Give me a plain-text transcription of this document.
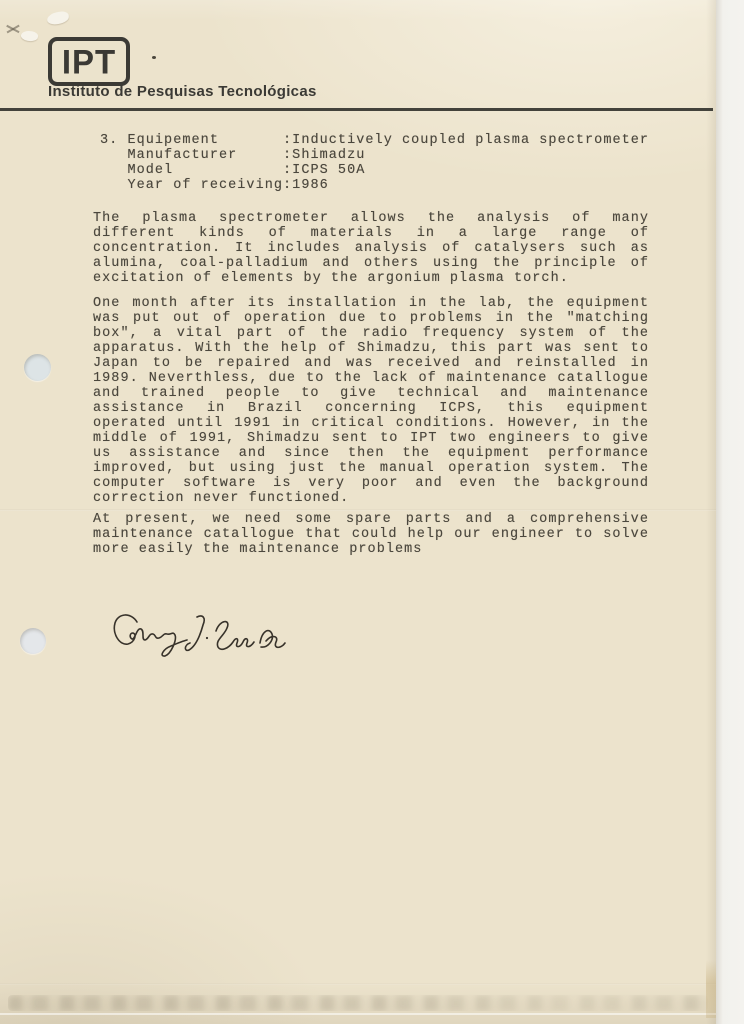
IPT
Instituto de Pesquisas Tecnológicas
3. Equipement       :Inductively coupled plasma spectrometer
Manufacturer     :Shimadzu
Model            :ICPS 50A
Year of receiving:1986
The plasma spectrometer allows the analysis of many
different kinds of materials in a large range of
concentration. It includes analysis of catalysers such as
alumina, coal-palladium and others using the principle of
excitation of elements by the argonium plasma torch.
One month after its installation in the lab, the equipment
was put out of operation due to problems in the "matching
box", a vital part of the radio frequency system of the
apparatus. With the help of Shimadzu, this part was sent to
Japan to be repaired and was received and reinstalled in
1989. Neverthless, due to the lack of maintenance catallogue
and trained people to give technical and maintenance
assistance in Brazil concerning ICPS, this equipment
operated until 1991 in critical conditions. However, in the
middle of 1991, Shimadzu sent to IPT two engineers to give
us assistance and since then the equipment performance
improved, but using just the manual operation system. The
computer software is very poor and even the background
correction never functioned.
At present, we need some spare parts and a comprehensive
maintenance catallogue that could help our engineer to solve
more easily the maintenance problems
